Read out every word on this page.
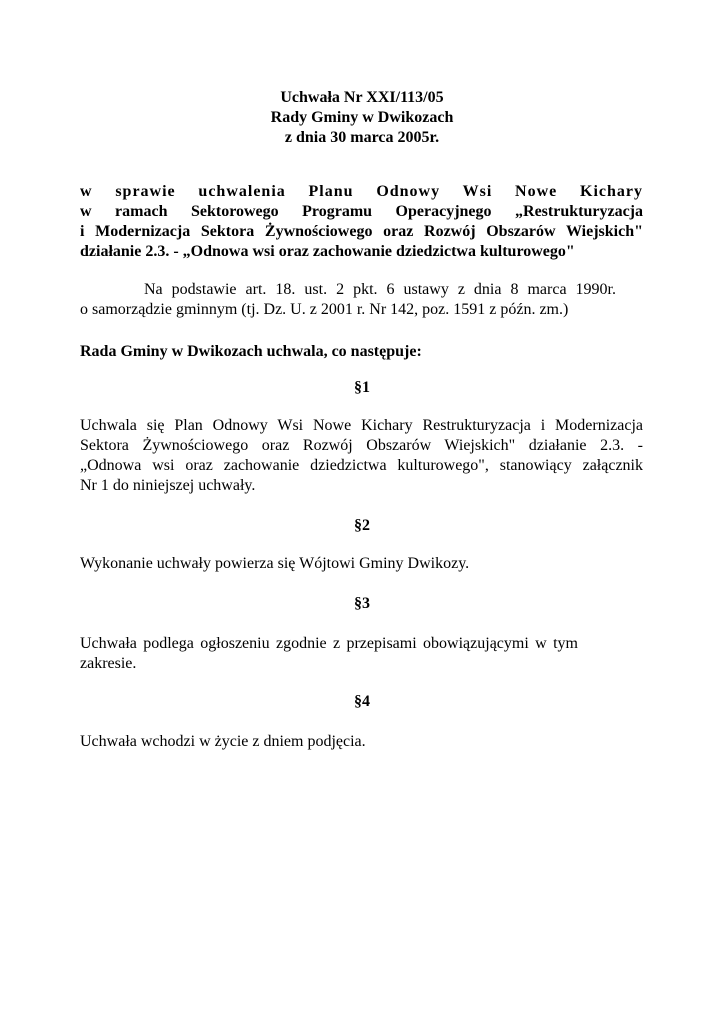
Uchwała Nr XXI/113/05
Rady Gminy w Dwikozach
z dnia 30 marca 2005r.
w sprawie uchwalenia Planu Odnowy Wsi Nowe Kichary
w ramach Sektorowego Programu Operacyjnego „Restrukturyzacja
i Modernizacja Sektora Żywnościowego oraz Rozwój Obszarów Wiejskich"
działanie 2.3. - „Odnowa wsi oraz zachowanie dziedzictwa kulturowego"
Na podstawie art. 18. ust. 2 pkt. 6 ustawy z dnia 8 marca 1990r.
o samorządzie gminnym (tj. Dz. U. z 2001 r. Nr 142, poz. 1591 z późn. zm.)
Rada Gminy w Dwikozach uchwala, co następuje:
§1
Uchwala się Plan Odnowy Wsi Nowe Kichary Restrukturyzacja i Modernizacja
Sektora Żywnościowego oraz Rozwój Obszarów Wiejskich" działanie 2.3. -
„Odnowa wsi oraz zachowanie dziedzictwa kulturowego", stanowiący załącznik
Nr 1 do niniejszej uchwały.
§2
Wykonanie uchwały powierza się Wójtowi Gminy Dwikozy.
§3
Uchwała podlega ogłoszeniu zgodnie z przepisami obowiązującymi w tym
zakresie.
§4
Uchwała wchodzi w życie z dniem podjęcia.
